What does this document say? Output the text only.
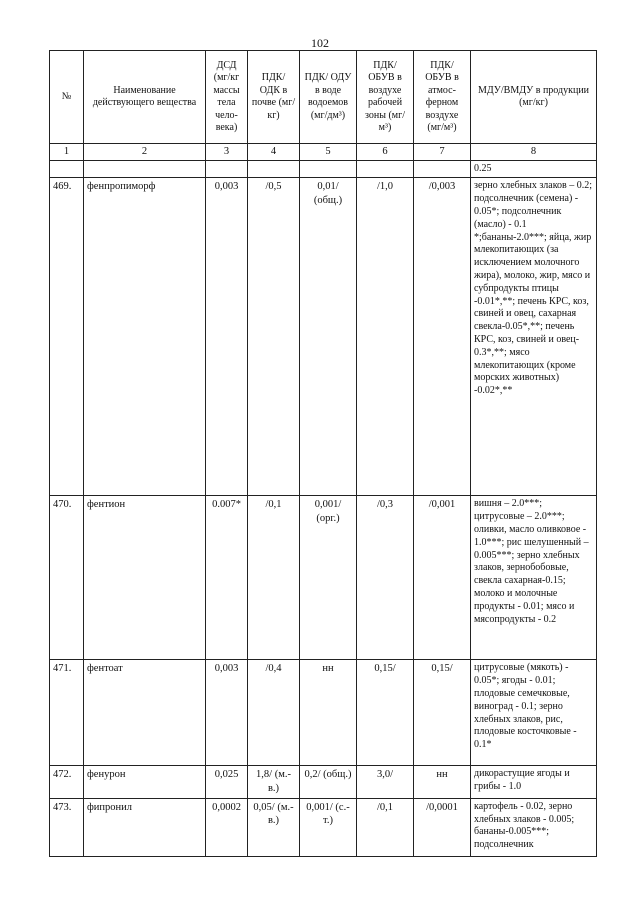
102
№	Наименование действующего вещества	ДСД (мг/кг массы тела чело-века)	ПДК/ ОДК в почве (мг/кг)	ПДК/ ОДУ в воде водоемов (мг/дм³)	ПДК/ ОБУВ в воздухе рабочей зоны (мг/м³)	ПДК/ ОБУВ в атмос-ферном воздухе (мг/м³)	МДУ/ВМДУ в продукции (мг/кг)
1	2	3	4	5	6	7	8
							0.25
469.	фенпропиморф	0,003	/0,5	0,01/ (общ.)	/1,0	/0,003	зерно хлебных злаков – 0.2; подсолнечник (семена) - 0.05*; подсолнечник (масло) - 0.1 *;бананы-2.0***; яйца, жир млекопитающих (за исключением молочного жира), молоко, жир, мясо и субпродукты птицы -0.01*,**; печень КРС, коз, свиней и овец, сахарная свекла-0.05*,**; печень КРС, коз, свиней и овец- 0.3*,**; мясо млекопитающих (кроме морских животных) -0.02*,**
470.	фентион	0.007*	/0,1	0,001/ (орг.)	/0,3	/0,001	вишня – 2.0***; цитрусовые – 2.0***; оливки, масло оливковое - 1.0***; рис шелушенный – 0.005***; зерно хлебных злаков, зернобобовые, свекла сахарная-0.15; молоко и молочные продукты - 0.01; мясо и мясопродукты - 0.2
471.	фентоат	0,003	/0,4	нн	0,15/	0,15/	цитрусовые (мякоть) - 0.05*; ягоды - 0.01; плодовые семечковые, виноград - 0.1; зерно хлебных злаков, рис, плодовые косточковые - 0.1*
472.	фенурон	0,025	1,8/ (м.-в.)	0,2/ (общ.)	3,0/	нн	дикорастущие ягоды и грибы - 1.0
473.	фипронил	0,0002	0,05/ (м.-в.)	0,001/ (с.-т.)	/0,1	/0,0001	картофель - 0.02, зерно хлебных злаков - 0.005; бананы-0.005***; подсолнечник
